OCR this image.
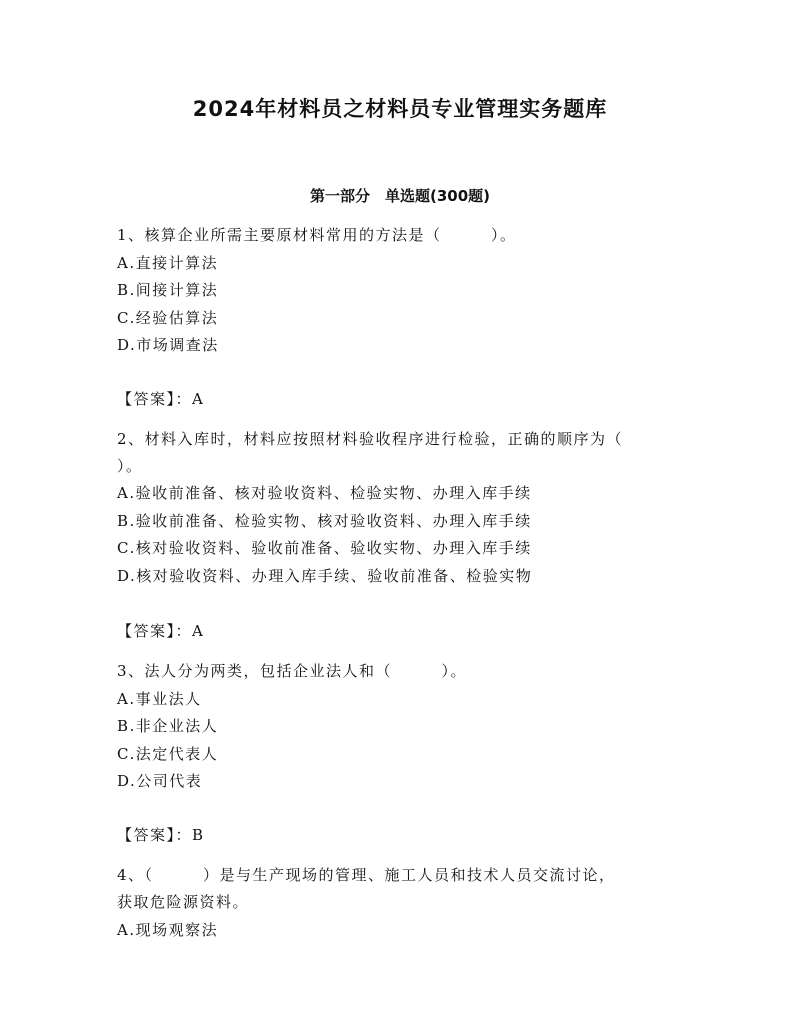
2024年材料员之材料员专业管理实务题库
第一部分　单选题(300题)
1、核算企业所需主要原材料常用的方法是（　　　）。
A.直接计算法
B.间接计算法
C.经验估算法
D.市场调查法
【答案】：A
2、材料入库时，材料应按照材料验收程序进行检验，正确的顺序为（
）。
A.验收前准备、核对验收资料、检验实物、办理入库手续
B.验收前准备、检验实物、核对验收资料、办理入库手续
C.核对验收资料、验收前准备、验收实物、办理入库手续
D.核对验收资料、办理入库手续、验收前准备、检验实物
【答案】：A
3、法人分为两类，包括企业法人和（　　　）。
A.事业法人
B.非企业法人
C.法定代表人
D.公司代表
【答案】：B
4、（　　　）是与生产现场的管理、施工人员和技术人员交流讨论，
获取危险源资料。
A.现场观察法
